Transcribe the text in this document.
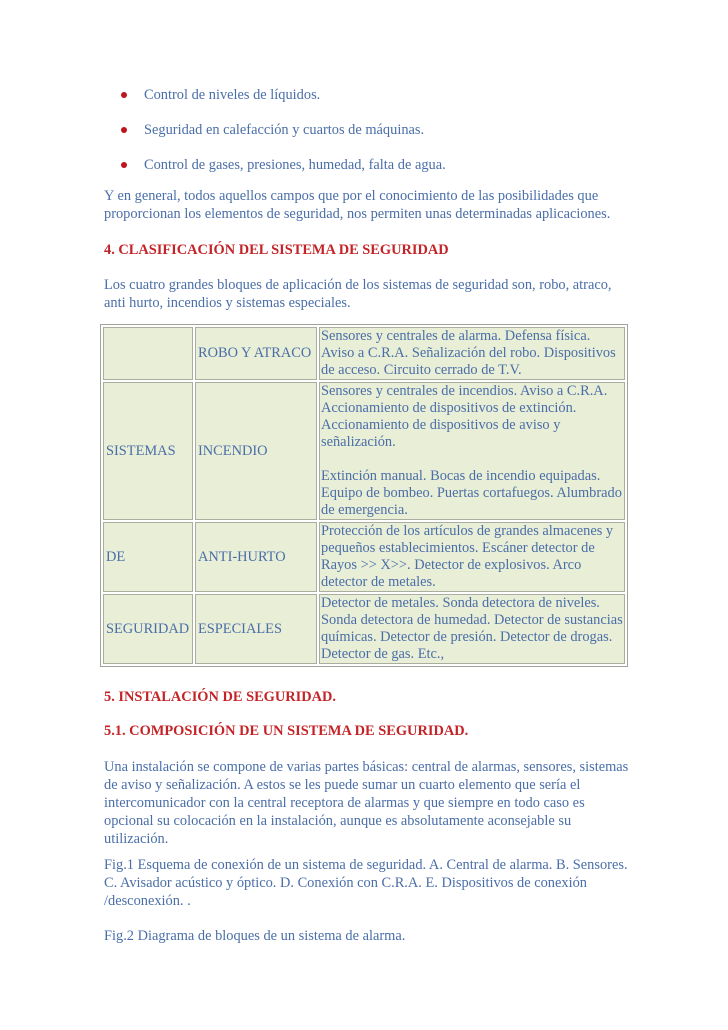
Control de niveles de líquidos.
Seguridad en calefacción y cuartos de máquinas.
Control de gases, presiones, humedad, falta de agua.

Y en general, todos aquellos campos que por el conocimiento de las posibilidades que proporcionan los elementos de seguridad, nos permiten unas determinadas aplicaciones.

4. CLASIFICACIÓN DEL SISTEMA DE SEGURIDAD

Los cuatro grandes bloques de aplicación de los sistemas de seguridad son, robo, atraco, anti hurto, incendios y sistemas especiales.

	ROBO Y ATRACO	Sensores y centrales de alarma. Defensa física. Aviso a C.R.A. Señalización del robo. Dispositivos de acceso. Circuito cerrado de T.V.
SISTEMAS	INCENDIO	Sensores y centrales de incendios. Aviso a C.R.A. Accionamiento de dispositivos de extinción. Accionamiento de dispositivos de aviso y señalización.
Extinción manual. Bocas de incendio equipadas. Equipo de bombeo. Puertas cortafuegos. Alumbrado de emergencia.

DE	ANTI-HURTO	Protección de los artículos de grandes almacenes y pequeños establecimientos. Escáner detector de Rayos >> X>>. Detector de explosivos. Arco detector de metales.
SEGURIDAD	ESPECIALES	Detector de metales. Sonda detectora de niveles. Sonda detectora de humedad. Detector de sustancias químicas. Detector de presión. Detector de drogas. Detector de gas. Etc.,

5. INSTALACIÓN DE SEGURIDAD.

5.1. COMPOSICIÓN DE UN SISTEMA DE SEGURIDAD.

Una instalación se compone de varias partes básicas: central de alarmas, sensores, sistemas de aviso y señalización. A estos se les puede sumar un cuarto elemento que sería el intercomunicador con la central receptora de alarmas y que siempre en todo caso es opcional su colocación en la instalación, aunque es absolutamente aconsejable su utilización.

Fig.1 Esquema de conexión de un sistema de seguridad. A. Central de alarma. B. Sensores. C. Avisador acústico y óptico. D. Conexión con C.R.A. E. Dispositivos de conexión /desconexión. .

Fig.2 Diagrama de bloques de un sistema de alarma.
